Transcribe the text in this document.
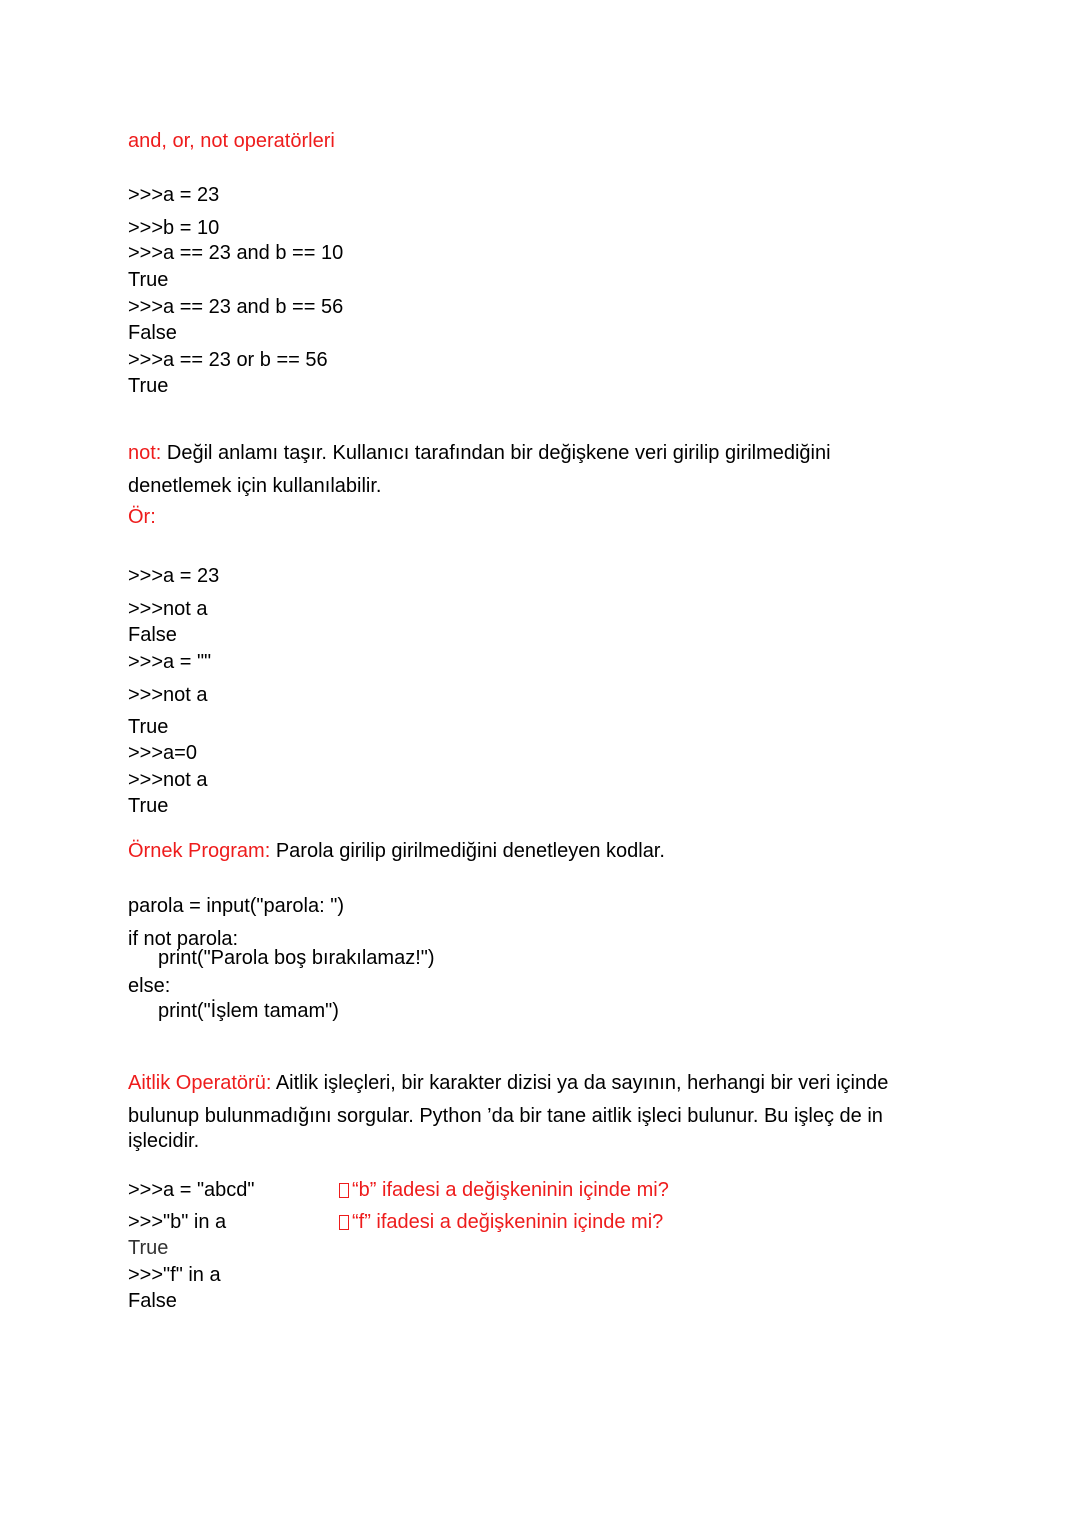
and, or, not operatörleri
>>>a = 23
>>>b = 10
>>>a == 23 and b == 10
True
>>>a == 23 and b == 56
False
>>>a == 23 or b == 56
True
not: Değil anlamı taşır. Kullanıcı tarafından bir değişkene veri girilip girilmediğini
denetlemek için kullanılabilir.
Ör:
>>>a = 23
>>>not a
False
>>>a = ""
>>>not a
True
>>>a=0
>>>not a
True
Örnek Program: Parola girilip girilmediğini denetleyen kodlar.
parola = input("parola: ")
if not parola:
print("Parola boş bırakılamaz!")
else:
print("İşlem tamam")
Aitlik Operatörü: Aitlik işleçleri, bir karakter dizisi ya da sayının, herhangi bir veri içinde
bulunup bulunmadığını sorgular. Python ’da bir tane aitlik işleci bulunur. Bu işleç de in
işlecidir.
>>>a = "abcd"
>>>"b" in a
True
>>>"f" in a
False
“b” ifadesi a değişkeninin içinde mi?
“f” ifadesi a değişkeninin içinde mi?
